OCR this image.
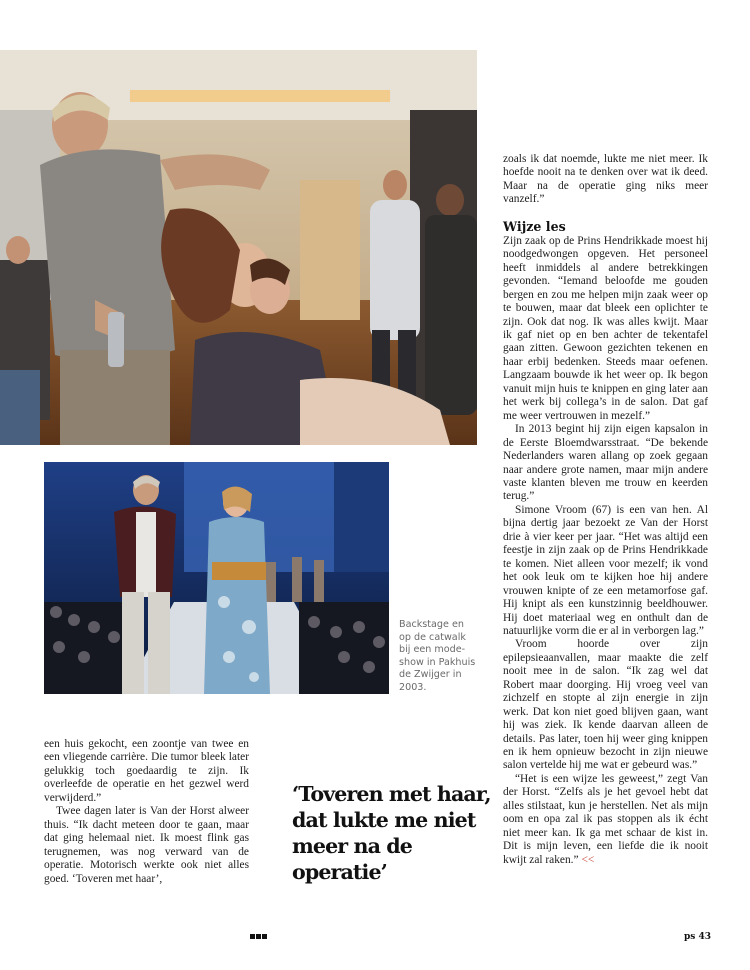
Backstage en
op de catwalk
bij een mode-
show in Pakhuis
de Zwijger in
2003.

zoals ik dat noemde, lukte me niet meer. Ik hoefde nooit na te denken over wat ik deed. Maar na de operatie ging niks meer vanzelf.”

Wijze les

Zijn zaak op de Prins Hendrikkade moest hij noodgedwongen opgeven. Het personeel heeft inmiddels al andere betrekkingen gevonden. “Iemand beloofde me gouden bergen en zou me helpen mijn zaak weer op te bouwen, maar dat bleek een oplichter te zijn. Ook dat nog. Ik was alles kwijt. Maar ik gaf niet op en ben achter de tekentafel gaan zitten. Gewoon gezichten tekenen en haar erbij bedenken. Steeds maar oefenen. Langzaam bouwde ik het weer op. Ik begon vanuit mijn huis te knippen en ging later aan het werk bij collega’s in de salon. Dat gaf me weer vertrouwen in mezelf.”

In 2013 begint hij zijn eigen kapsalon in de Eerste Bloemdwarsstraat. “De bekende Nederlanders waren allang op zoek gegaan naar andere grote namen, maar mijn andere vaste klanten bleven me trouw en keerden terug.”

Simone Vroom (67) is een van hen. Al bijna dertig jaar bezoekt ze Van der Horst drie à vier keer per jaar. “Het was altijd een feestje in zijn zaak op de Prins Hendrikkade te komen. Niet alleen voor mezelf; ik vond het ook leuk om te kijken hoe hij andere vrouwen knipte of ze een metamorfose gaf. Hij knipt als een kunstzinnig beeldhouwer. Hij doet materiaal weg en onthult dan de natuurlijke vorm die er al in verborgen lag.”

Vroom hoorde over zijn epilepsieaanvallen, maar maakte die zelf nooit mee in de salon. “Ik zag wel dat Robert maar doorging. Hij vroeg veel van zichzelf en stopte al zijn energie in zijn werk. Dat kon niet goed blijven gaan, want hij was ziek. Ik kende daarvan alleen de details. Pas later, toen hij weer ging knippen en ik hem opnieuw bezocht in zijn nieuwe salon vertelde hij me wat er gebeurd was.”

“Het is een wijze les geweest,” zegt Van der Horst. “Zelfs als je het gevoel hebt dat alles stilstaat, kun je herstellen. Net als mijn oom en opa zal ik pas stoppen als ik écht niet meer kan. Ik ga met schaar de kist in. Dit is mijn leven, een liefde die ik nooit kwijt zal raken.” <<

een huis gekocht, een zoontje van twee en een vliegende carrière. Die tumor bleek later gelukkig toch goedaardig te zijn. Ik overleefde de operatie en het gezwel werd verwijderd.”

Twee dagen later is Van der Horst alweer thuis. “Ik dacht meteen door te gaan, maar dat ging helemaal niet. Ik moest flink gas terugnemen, was nog verward van de operatie. Motorisch werkte ook niet alles goed. ‘Toveren met haar’,

‘Toveren met haar, dat lukte me niet meer na de operatie’
ps 43
